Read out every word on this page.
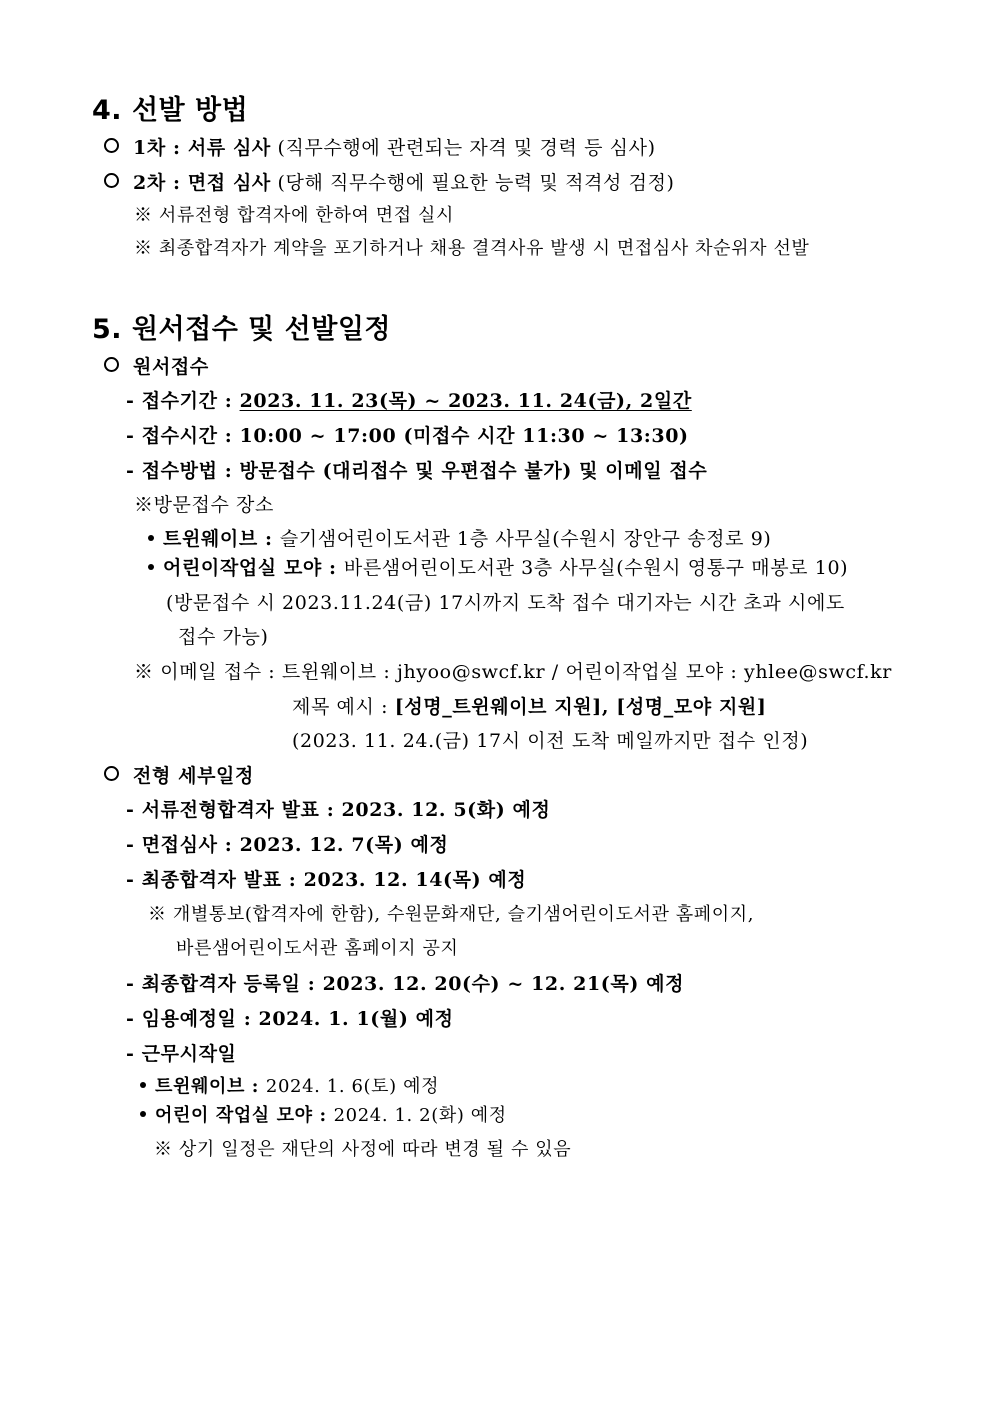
4. 선발 방법
1차 : 서류 심사 (직무수행에 관련되는 자격 및 경력 등 심사)
2차 : 면접 심사 (당해 직무수행에 필요한 능력 및 적격성 검정)
※ 서류전형 합격자에 한하여 면접 실시
※ 최종합격자가 계약을 포기하거나 채용 결격사유 발생 시 면접심사 차순위자 선발
5. 원서접수 및 선발일정
원서접수
- 접수기간 : 2023. 11. 23(목) ~ 2023. 11. 24(금), 2일간
- 접수시간 : 10:00 ~ 17:00 (미접수 시간 11:30 ~ 13:30)
- 접수방법 : 방문접수 (대리접수 및 우편접수 불가) 및 이메일 접수
※방문접수 장소
트윈웨이브 : 슬기샘어린이도서관 1층 사무실(수원시 장안구 송정로 9)
어린이작업실 모야 : 바른샘어린이도서관 3층 사무실(수원시 영통구 매봉로 10)
(방문접수 시 2023.11.24(금) 17시까지 도착 접수 대기자는 시간 초과 시에도
접수 가능)
※ 이메일 접수 : 트윈웨이브 : jhyoo@swcf.kr / 어린이작업실 모야 : yhlee@swcf.kr
제목 예시 : [성명_트윈웨이브 지원], [성명_모야 지원]
(2023. 11. 24.(금) 17시 이전 도착 메일까지만 접수 인정)
전형 세부일정
- 서류전형합격자 발표 : 2023. 12. 5(화) 예정
- 면접심사 : 2023. 12. 7(목) 예정
- 최종합격자 발표 : 2023. 12. 14(목) 예정
※ 개별통보(합격자에 한함), 수원문화재단, 슬기샘어린이도서관 홈페이지,
바른샘어린이도서관 홈페이지 공지
- 최종합격자 등록일 : 2023. 12. 20(수) ~ 12. 21(목) 예정
- 임용예정일 : 2024. 1. 1(월) 예정
- 근무시작일
트윈웨이브 : 2024. 1. 6(토) 예정
어린이 작업실 모야 : 2024. 1. 2(화) 예정
※ 상기 일정은 재단의 사정에 따라 변경 될 수 있음
